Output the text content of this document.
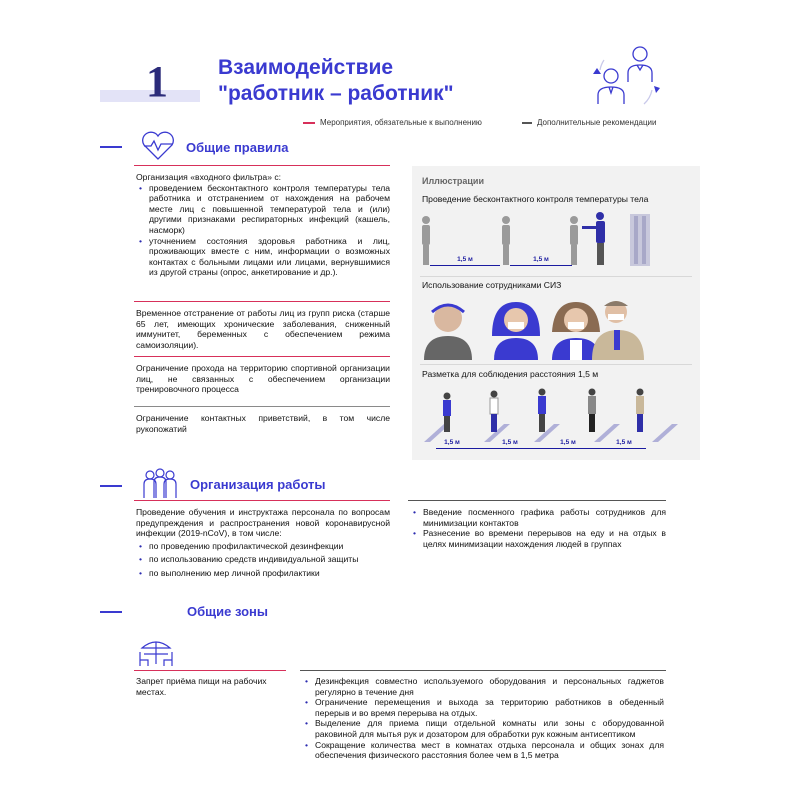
1 Взаимодействие
"работник – работник"
Мероприятия, обязательные к выполнению	Дополнительные рекомендации
Общие правила
Организация «входного фильтра» с:
• проведением бесконтактного контроля температуры тела работника и отстранением от нахождения на рабочем месте лиц с повышенной температурой тела и (или) другими признаками респираторных инфекций (кашель, насморк)
• уточнением состояния здоровья работника и лиц, проживающих вместе с ним, информации о возможных контактах с больными лицами или лицами, вернувшимися из другой страны (опрос, анкетирование и др.).
Временное отстранение от работы лиц из групп риска (старше 65 лет, имеющих хронические заболевания, сниженный иммунитет, беременных с обеспечением режима самоизоляции).
Ограничение прохода на территорию спортивной организации лиц, не связанных с обеспечением организации тренировочного процесса
Ограничение контактных приветствий, в том числе рукопожатий
Иллюстрации
Проведение бесконтактного контроля температуры тела
1,5 м	1,5 м
Использование сотрудниками СИЗ
Разметка для соблюдения расстояния 1,5 м
1,5 м	1,5 м	1,5 м	1,5 м
Организация работы
Проведение обучения и инструктажа персонала по вопросам предупреждения и распространения новой коронавирусной инфекции (2019-nCoV), в том числе:
• по проведению профилактической дезинфекции
• по использованию средств индивидуальной защиты
• по выполнению мер личной профилактики
• Введение посменного графика работы сотрудников для минимизации контактов
• Разнесение во времени перерывов на еду и на отдых в целях минимизации нахождения людей в группах
Общие зоны
Запрет приёма пищи на рабочих местах.
• Дезинфекция совместно используемого оборудования и персональных гаджетов регулярно в течение дня
• Ограничение перемещения и выхода за территорию работников в обеденный перерыв и во время перерыва на отдых.
• Выделение для приема пищи отдельной комнаты или зоны с оборудованной раковиной для мытья рук и дозатором для обработки рук кожным антисептиком
• Сокращение количества мест в комнатах отдыха персонала и общих зонах для обеспечения физического расстояния более чем в 1,5 метра
